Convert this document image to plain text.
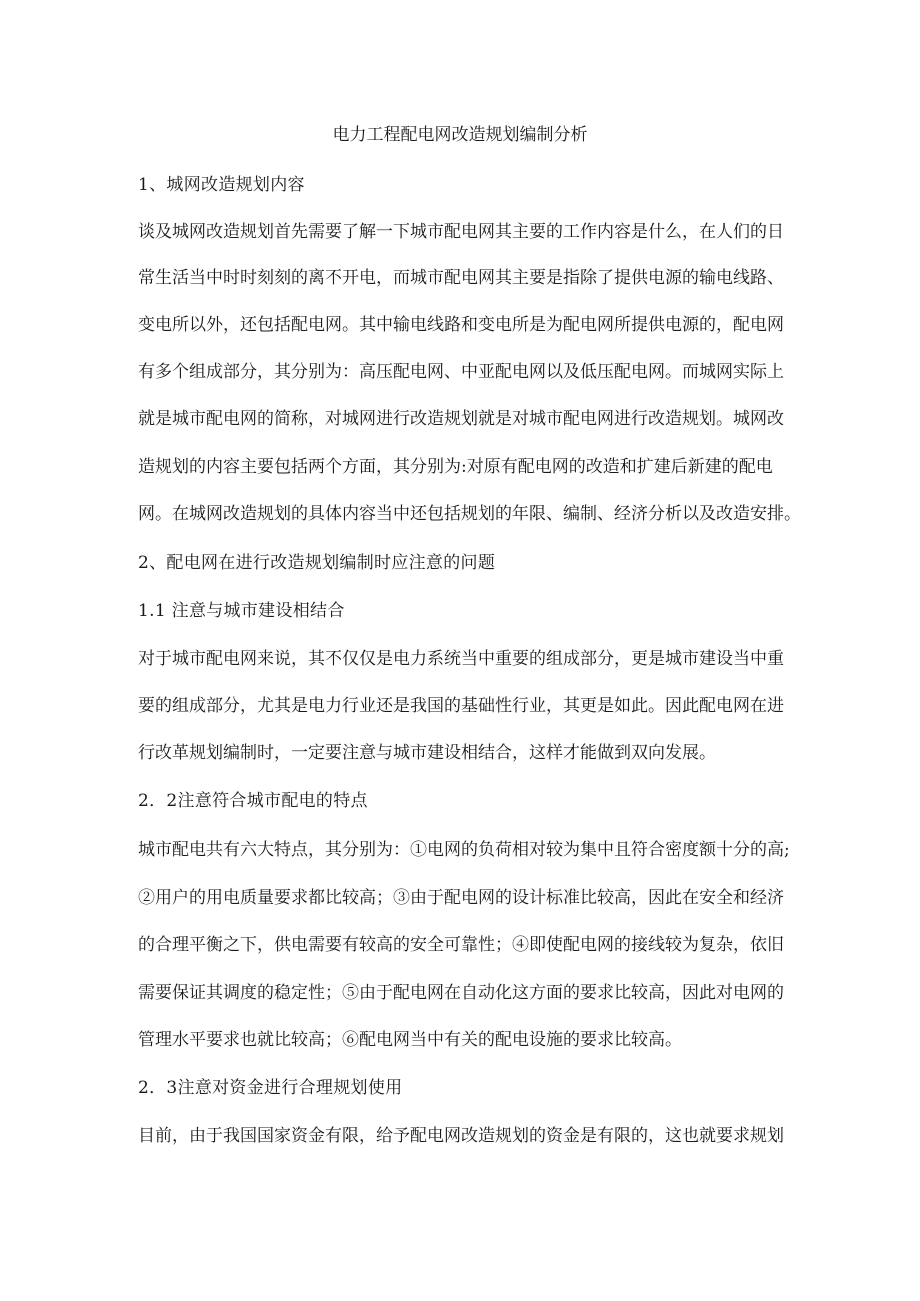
电力工程配电网改造规划编制分析
1、城网改造规划内容
谈及城网改造规划首先需要了解一下城市配电网其主要的工作内容是什么，在人们的日
常生活当中时时刻刻的离不开电，而城市配电网其主要是指除了提供电源的输电线路、
变电所以外，还包括配电网。其中输电线路和变电所是为配电网所提供电源的，配电网
有多个组成部分，其分别为：高压配电网、中亚配电网以及低压配电网。而城网实际上
就是城市配电网的简称，对城网进行改造规划就是对城市配电网进行改造规划。城网改
造规划的内容主要包括两个方面，其分别为:对原有配电网的改造和扩建后新建的配电
网。在城网改造规划的具体内容当中还包括规划的年限、编制、经济分析以及改造安排。
2、配电网在进行改造规划编制时应注意的问题
1.1 注意与城市建设相结合
对于城市配电网来说，其不仅仅是电力系统当中重要的组成部分，更是城市建设当中重
要的组成部分，尤其是电力行业还是我国的基础性行业，其更是如此。因此配电网在进
行改革规划编制时，一定要注意与城市建设相结合，这样才能做到双向发展。
2．2注意符合城市配电的特点
城市配电共有六大特点，其分别为：①电网的负荷相对较为集中且符合密度额十分的高;
②用户的用电质量要求都比较高；③由于配电网的设计标准比较高，因此在安全和经济
的合理平衡之下，供电需要有较高的安全可靠性；④即使配电网的接线较为复杂，依旧
需要保证其调度的稳定性；⑤由于配电网在自动化这方面的要求比较高，因此对电网的
管理水平要求也就比较高；⑥配电网当中有关的配电设施的要求比较高。
2．3注意对资金进行合理规划使用
目前，由于我国国家资金有限，给予配电网改造规划的资金是有限的，这也就要求规划
